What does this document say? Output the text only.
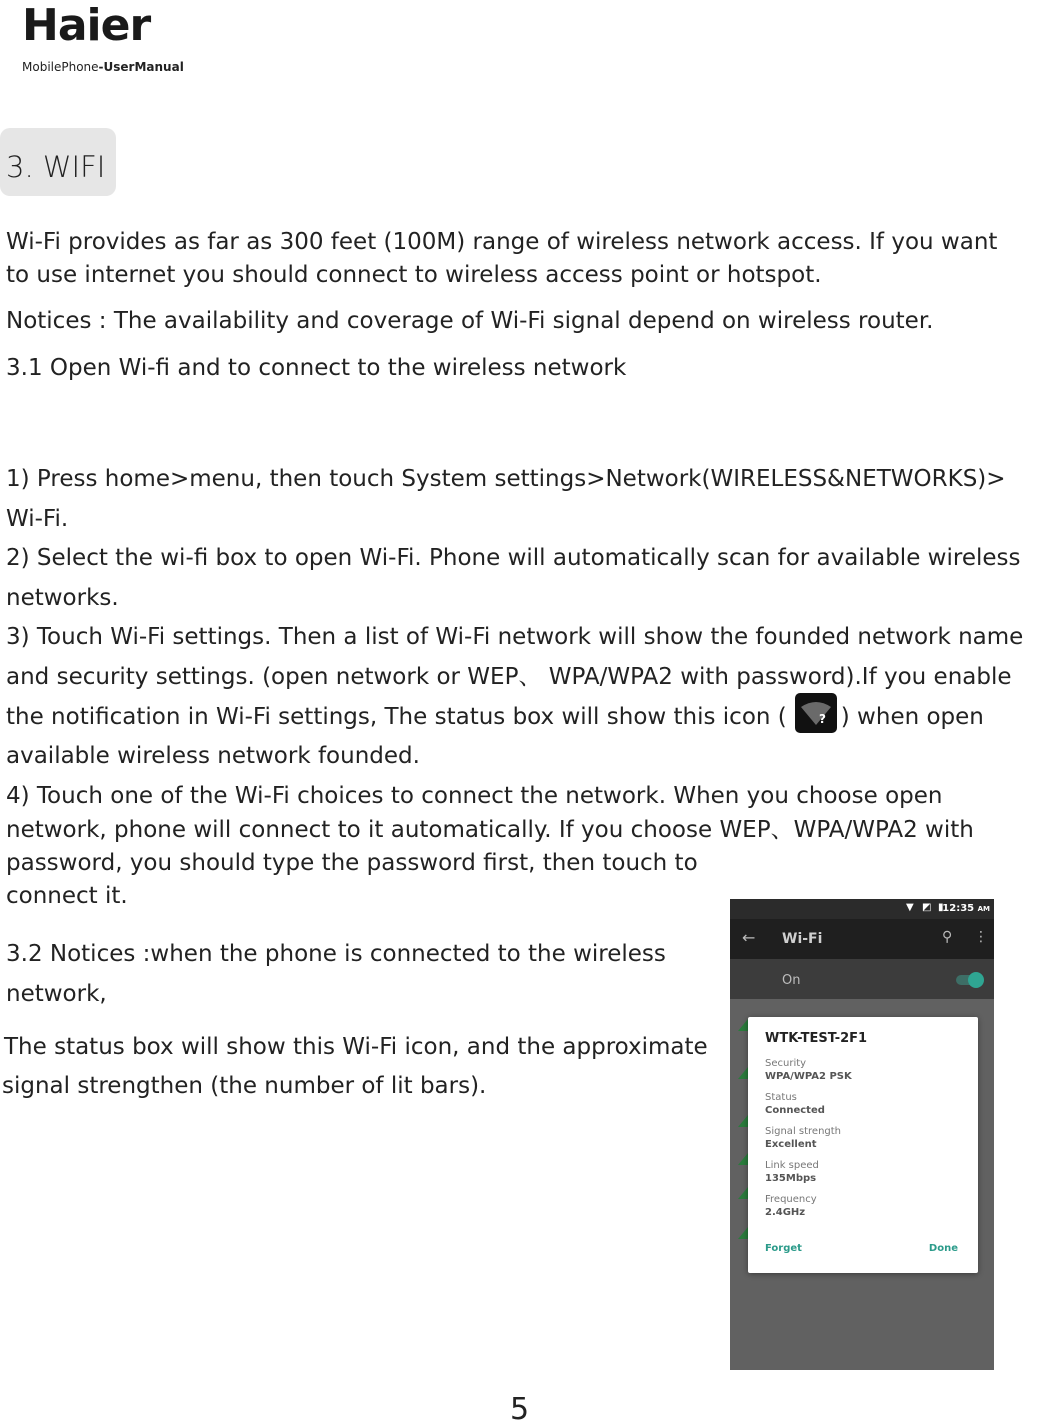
Haier
MobilePhone-UserManual
3. WIFI
Wi-Fi provides as far as 300 feet (100M) range of wireless network access. If you want
to use internet you should connect to wireless access point or hotspot.
Notices : The availability and coverage of Wi-Fi signal depend on wireless router.
3.1 Open Wi-fi and to connect to the wireless network
1) Press home>menu, then touch System settings>Network(WIRELESS&NETWORKS)>
Wi-Fi.
2) Select the wi-fi box to open Wi-Fi. Phone will automatically scan for available wireless
networks.
3) Touch Wi-Fi settings. Then a list of Wi-Fi network will show the founded network name
and security settings. (open network or WEP、 WPA/WPA2 with password).If you enable
the notification in Wi-Fi settings, The status box will show this icon (	? ) when open
available wireless network founded.
4) Touch one of the Wi-Fi choices to connect the network. When you choose open
network, phone will connect to it automatically. If you choose WEP、WPA/WPA2 with
password, you should type the password first, then touch to
connect it.
3.2 Notices :when the phone is connected to the wireless
network,
The status box will show this Wi-Fi icon, and the approximate
signal strengthen (the number of lit bars).
▼ ◩ ▮
12:35 AM
← Wi-Fi	⚲ ⋮
On
WTK-TEST-2F1
Security
WPA/WPA2 PSK
Status
Connected
Signal strength
Excellent
Link speed
135Mbps
Frequency
2.4GHz
Forget	Done
5
